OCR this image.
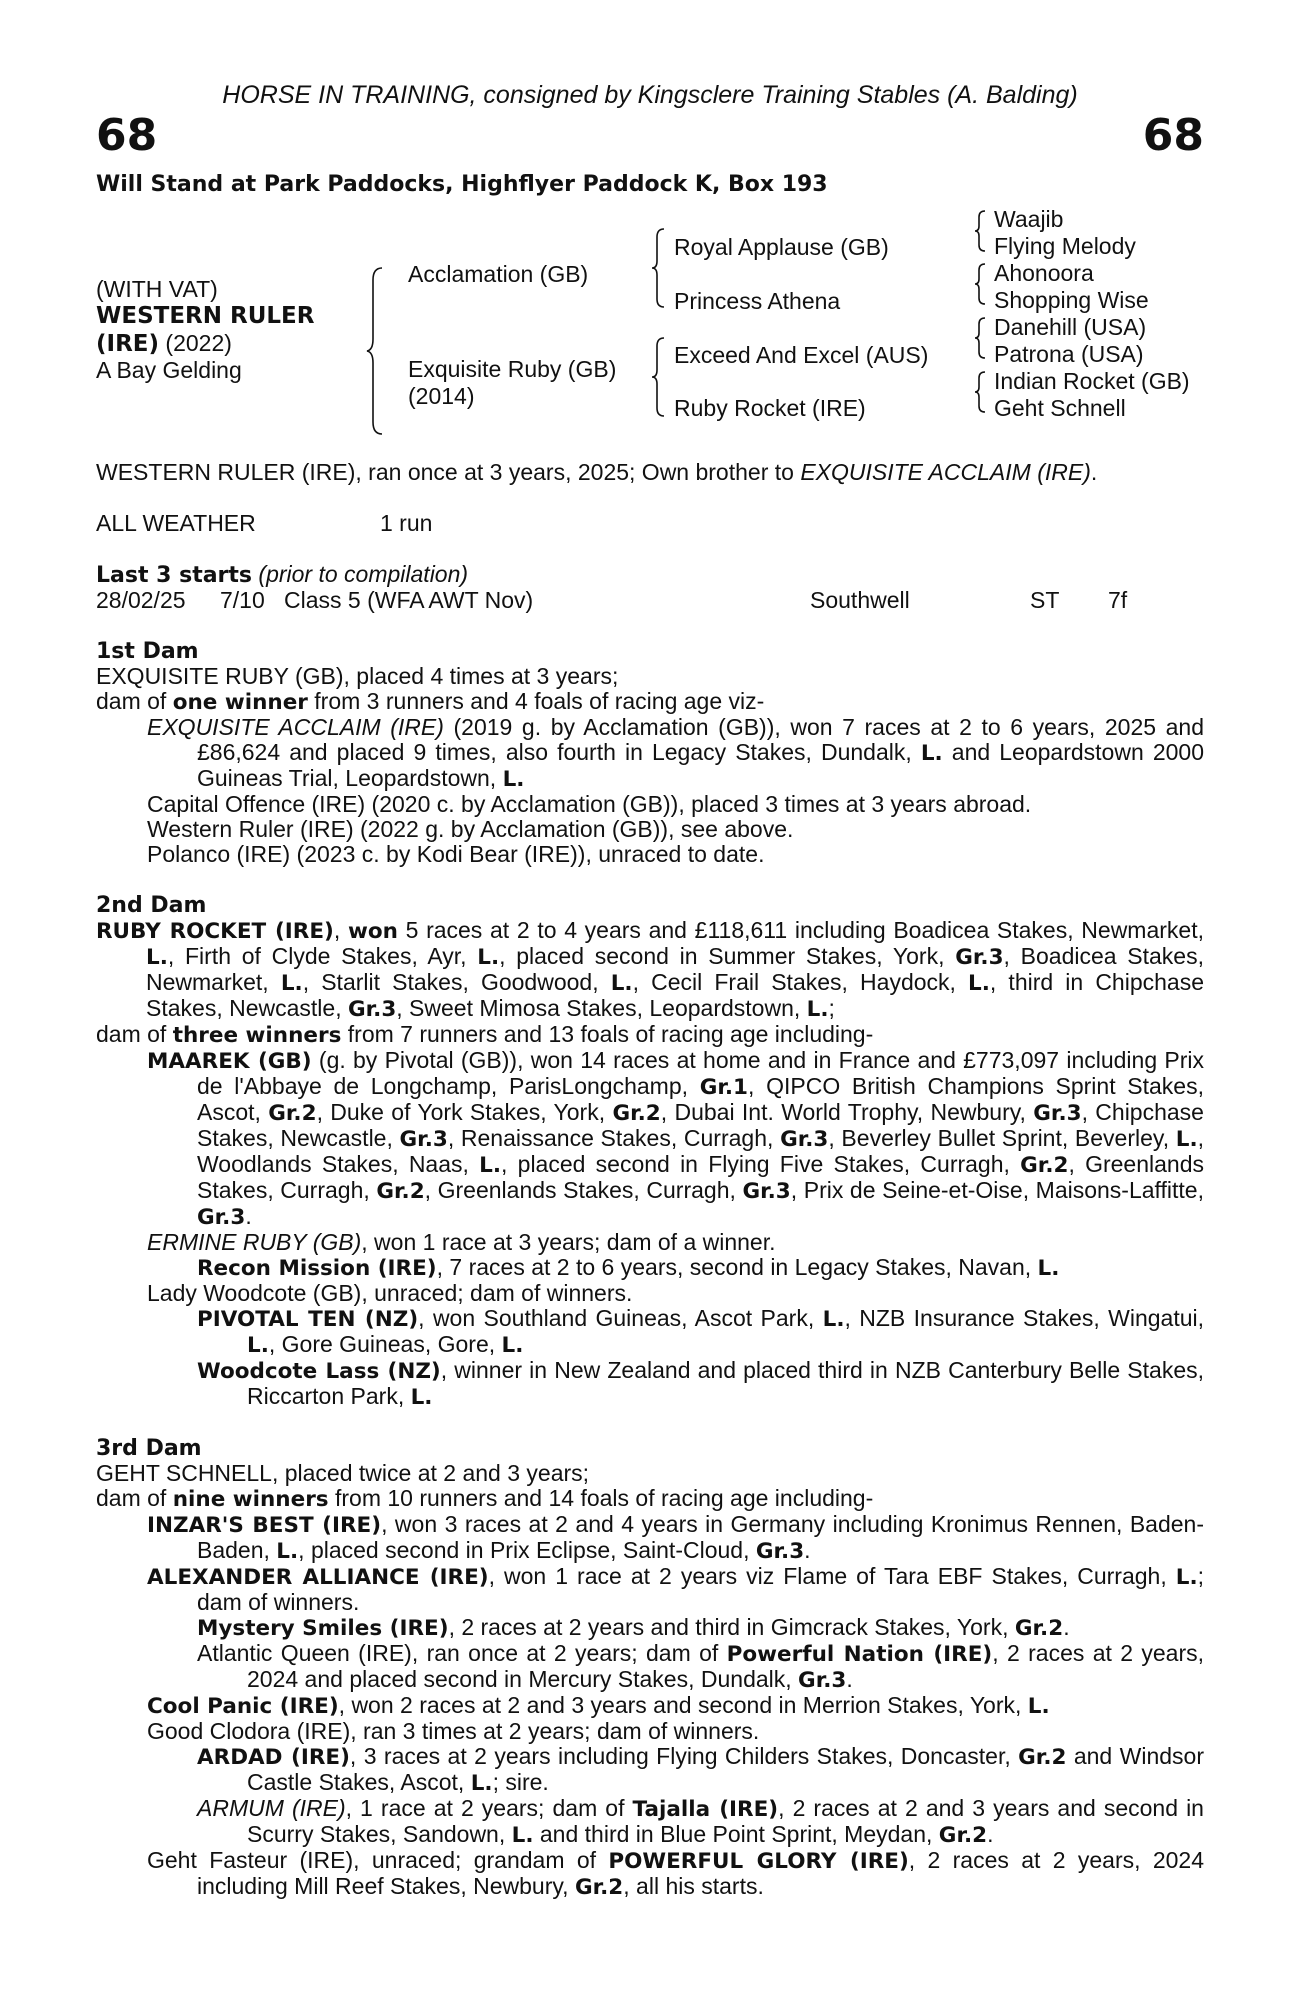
HORSE IN TRAINING, consigned by Kingsclere Training Stables (A. Balding)

68	68
Will Stand at Park Paddocks, Highflyer Paddock K, Box 193
(WITH VAT)
WESTERN RULER
(IRE) (2022)
A Bay Gelding
Acclamation (GB)
Exquisite Ruby (GB)
(2014)
Royal Applause (GB)
Princess Athena
Exceed And Excel (AUS)
Ruby Rocket (IRE)
Waajib
Flying Melody
Ahonoora
Shopping Wise
Danehill (USA)
Patrona (USA)
Indian Rocket (GB)
Geht Schnell

WESTERN RULER (IRE), ran once at 3 years, 2025; Own brother to EXQUISITE ACCLAIM (IRE).

ALL WEATHER	1 run

Last 3 starts (prior to compilation)

28/02/25	7/10 Class 5 (WFA AWT Nov)	Southwell	ST	7f

1st Dam

EXQUISITE RUBY (GB), placed 4 times at 3 years;

dam of one winner from 3 runners and 4 foals of racing age viz-

EXQUISITE ACCLAIM (IRE) (2019 g. by Acclamation (GB)), won 7 races at 2 to 6 years, 2025 and £86,624 and placed 9 times, also fourth in Legacy Stakes, Dundalk, L. and Leopardstown 2000 Guineas Trial, Leopardstown, L.

Capital Offence (IRE) (2020 c. by Acclamation (GB)), placed 3 times at 3 years abroad.

Western Ruler (IRE) (2022 g. by Acclamation (GB)), see above.

Polanco (IRE) (2023 c. by Kodi Bear (IRE)), unraced to date.

2nd Dam

RUBY ROCKET (IRE), won 5 races at 2 to 4 years and £118,611 including Boadicea Stakes, Newmarket, L., Firth of Clyde Stakes, Ayr, L., placed second in Summer Stakes, York, Gr.3, Boadicea Stakes, Newmarket, L., Starlit Stakes, Goodwood, L., Cecil Frail Stakes, Haydock, L., third in Chipchase Stakes, Newcastle, Gr.3, Sweet Mimosa Stakes, Leopardstown, L.;

dam of three winners from 7 runners and 13 foals of racing age including-

MAAREK (GB) (g. by Pivotal (GB)), won 14 races at home and in France and £773,097 including Prix de l'Abbaye de Longchamp, ParisLongchamp, Gr.1, QIPCO British Champions Sprint Stakes, Ascot, Gr.2, Duke of York Stakes, York, Gr.2, Dubai Int. World Trophy, Newbury, Gr.3, Chipchase Stakes, Newcastle, Gr.3, Renaissance Stakes, Curragh, Gr.3, Beverley Bullet Sprint, Beverley, L., Woodlands Stakes, Naas, L., placed second in Flying Five Stakes, Curragh, Gr.2, Greenlands Stakes, Curragh, Gr.2, Greenlands Stakes, Curragh, Gr.3, Prix de Seine-et-Oise, Maisons-Laffitte, Gr.3.

ERMINE RUBY (GB), won 1 race at 3 years; dam of a winner.

Recon Mission (IRE), 7 races at 2 to 6 years, second in Legacy Stakes, Navan, L.

Lady Woodcote (GB), unraced; dam of winners.

PIVOTAL TEN (NZ), won Southland Guineas, Ascot Park, L., NZB Insurance Stakes, Wingatui, L., Gore Guineas, Gore, L.

Woodcote Lass (NZ), winner in New Zealand and placed third in NZB Canterbury Belle Stakes, Riccarton Park, L.

3rd Dam

GEHT SCHNELL, placed twice at 2 and 3 years;

dam of nine winners from 10 runners and 14 foals of racing age including-

INZAR'S BEST (IRE), won 3 races at 2 and 4 years in Germany including Kronimus Rennen, Baden-Baden, L., placed second in Prix Eclipse, Saint-Cloud, Gr.3.

ALEXANDER ALLIANCE (IRE), won 1 race at 2 years viz Flame of Tara EBF Stakes, Curragh, L.; dam of winners.

Mystery Smiles (IRE), 2 races at 2 years and third in Gimcrack Stakes, York, Gr.2.

Atlantic Queen (IRE), ran once at 2 years; dam of Powerful Nation (IRE), 2 races at 2 years, 2024 and placed second in Mercury Stakes, Dundalk, Gr.3.

Cool Panic (IRE), won 2 races at 2 and 3 years and second in Merrion Stakes, York, L.

Good Clodora (IRE), ran 3 times at 2 years; dam of winners.

ARDAD (IRE), 3 races at 2 years including Flying Childers Stakes, Doncaster, Gr.2 and Windsor Castle Stakes, Ascot, L.; sire.

ARMUM (IRE), 1 race at 2 years; dam of Tajalla (IRE), 2 races at 2 and 3 years and second in Scurry Stakes, Sandown, L. and third in Blue Point Sprint, Meydan, Gr.2.

Geht Fasteur (IRE), unraced; grandam of POWERFUL GLORY (IRE), 2 races at 2 years, 2024 including Mill Reef Stakes, Newbury, Gr.2, all his starts.
